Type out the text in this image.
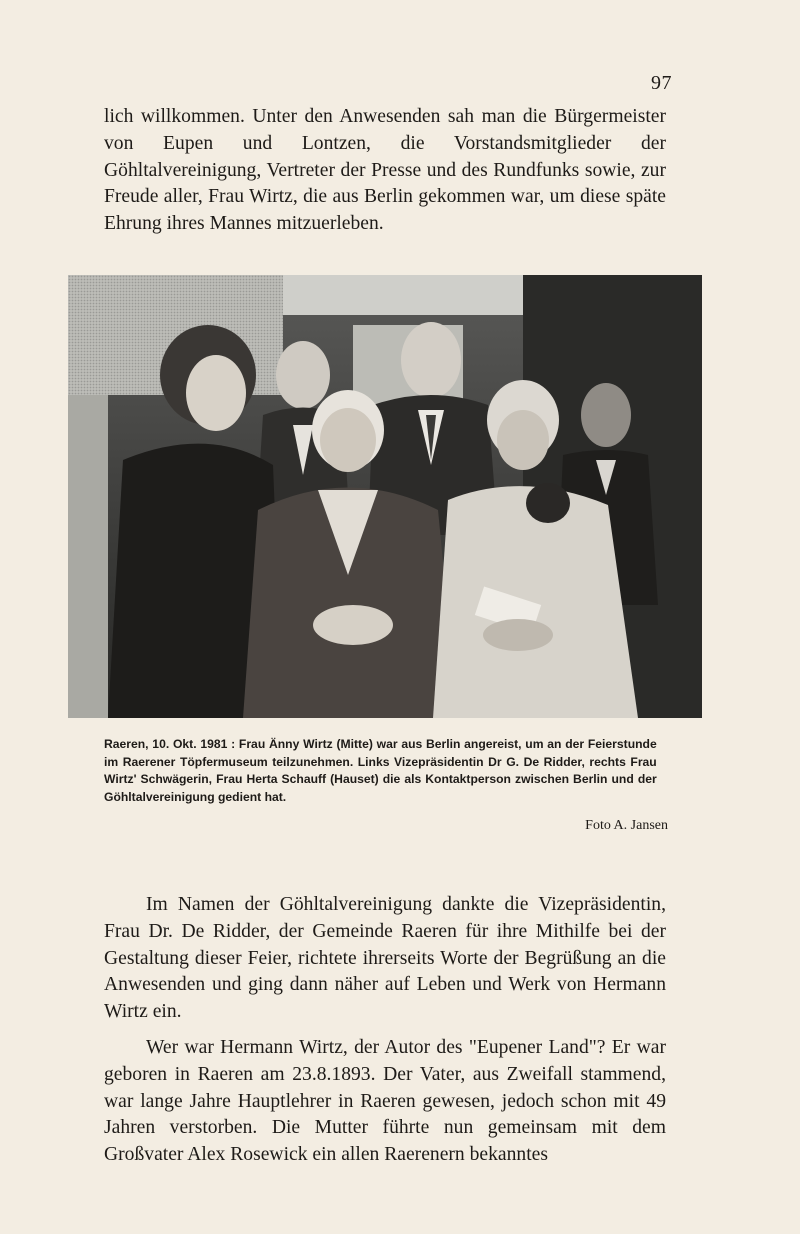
97

lich willkommen. Unter den Anwesenden sah man die Bürgermeister von Eupen und Lontzen, die Vorstandsmitglieder der Göhltalvereinigung, Vertreter der Presse und des Rundfunks sowie, zur Freude aller, Frau Wirtz, die aus Berlin gekommen war, um diese späte Ehrung ihres Mannes mitzuerleben.

Raeren, 10. Okt. 1981 : Frau Änny Wirtz (Mitte) war aus Berlin angereist, um an der Feierstunde im Raerener Töpfermuseum teilzunehmen. Links Vizepräsidentin Dr G. De Ridder, rechts Frau Wirtz' Schwägerin, Frau Herta Schauff (Hauset) die als Kontaktperson zwischen Berlin und der Göhltalvereinigung gedient hat.

Foto A. Jansen

Im Namen der Göhltalvereinigung dankte die Vizepräsidentin, Frau Dr. De Ridder, der Gemeinde Raeren für ihre Mithilfe bei der Gestaltung dieser Feier, richtete ihrerseits Worte der Begrüßung an die Anwesenden und ging dann näher auf Leben und Werk von Hermann Wirtz ein.

Wer war Hermann Wirtz, der Autor des "Eupener Land"? Er war geboren in Raeren am 23.8.1893. Der Vater, aus Zweifall stammend, war lange Jahre Hauptlehrer in Raeren gewesen, jedoch schon mit 49 Jahren verstorben. Die Mutter führte nun gemeinsam mit dem Großvater Alex Rosewick ein allen Raerenern bekanntes
